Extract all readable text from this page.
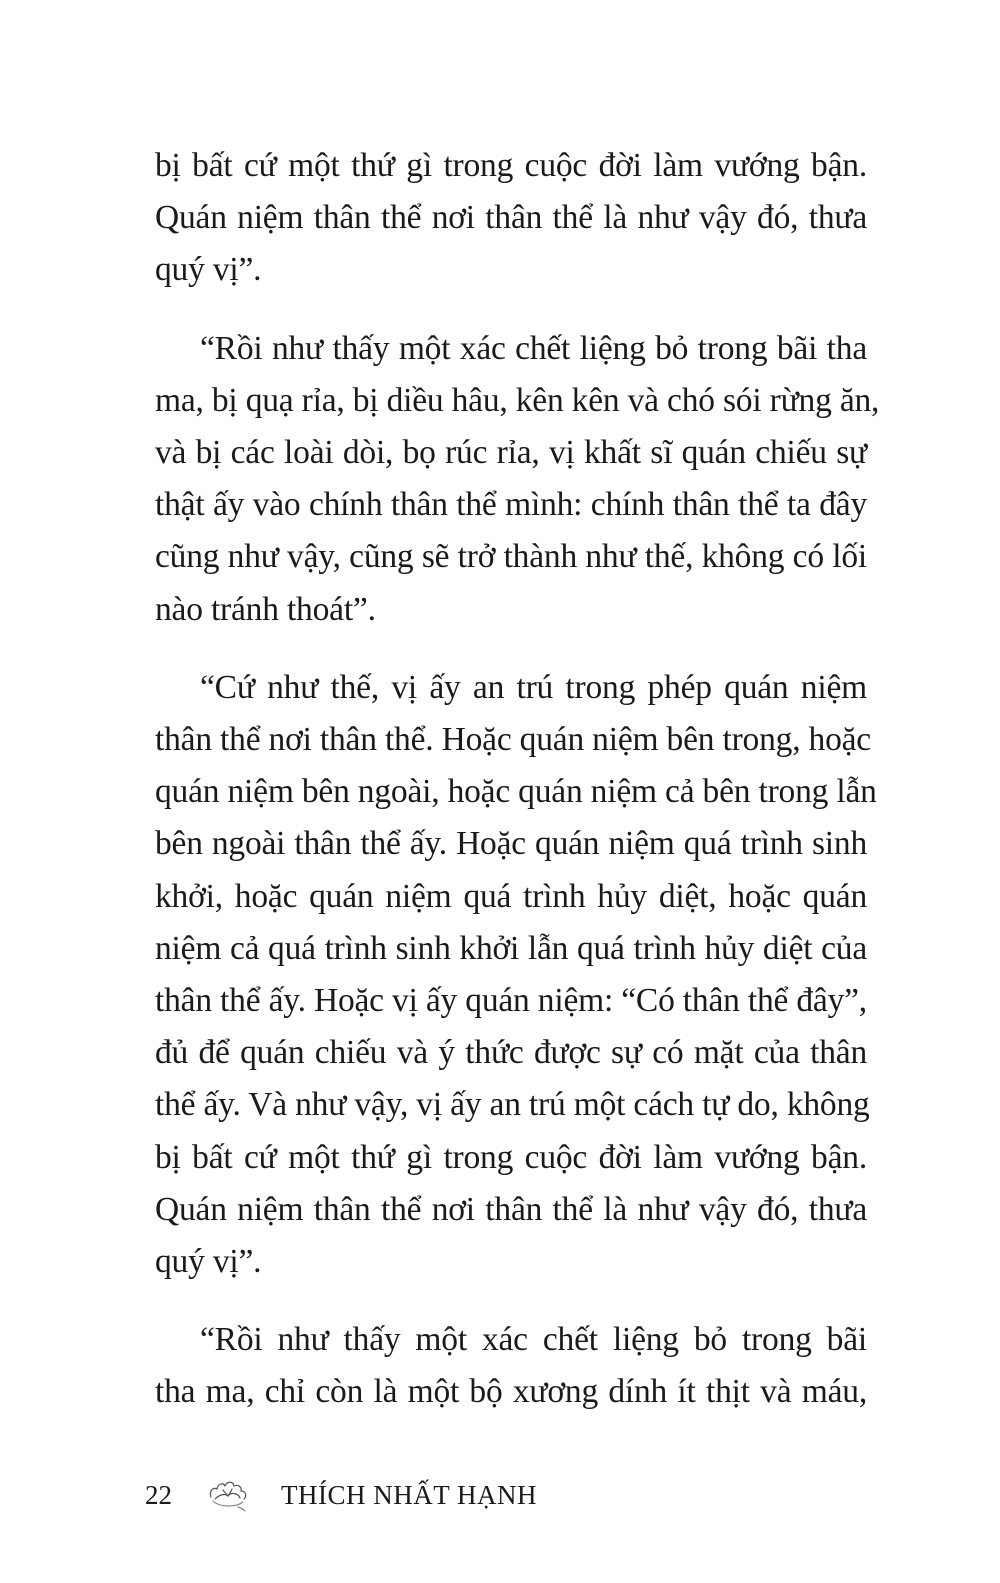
bị bất cứ một thứ gì trong cuộc đời làm vướng bận.
Quán niệm thân thể nơi thân thể là như vậy đó, thưa
quý vị”.

“Rồi như thấy một xác chết liệng bỏ trong bãi tha
ma, bị quạ rỉa, bị diều hâu, kên kên và chó sói rừng ăn,
và bị các loài dòi, bọ rúc rỉa, vị khất sĩ quán chiếu sự
thật ấy vào chính thân thể mình: chính thân thể ta đây
cũng như vậy, cũng sẽ trở thành như thế, không có lối
nào tránh thoát”.

“Cứ như thế, vị ấy an trú trong phép quán niệm
thân thể nơi thân thể. Hoặc quán niệm bên trong, hoặc
quán niệm bên ngoài, hoặc quán niệm cả bên trong lẫn
bên ngoài thân thể ấy. Hoặc quán niệm quá trình sinh
khởi, hoặc quán niệm quá trình hủy diệt, hoặc quán
niệm cả quá trình sinh khởi lẫn quá trình hủy diệt của
thân thể ấy. Hoặc vị ấy quán niệm: “Có thân thể đây”,
đủ để quán chiếu và ý thức được sự có mặt của thân
thể ấy. Và như vậy, vị ấy an trú một cách tự do, không
bị bất cứ một thứ gì trong cuộc đời làm vướng bận.
Quán niệm thân thể nơi thân thể là như vậy đó, thưa
quý vị”.

“Rồi như thấy một xác chết liệng bỏ trong bãi
tha ma, chỉ còn là một bộ xương dính ít thịt và máu,

22	THÍCH NHẤT HẠNH
